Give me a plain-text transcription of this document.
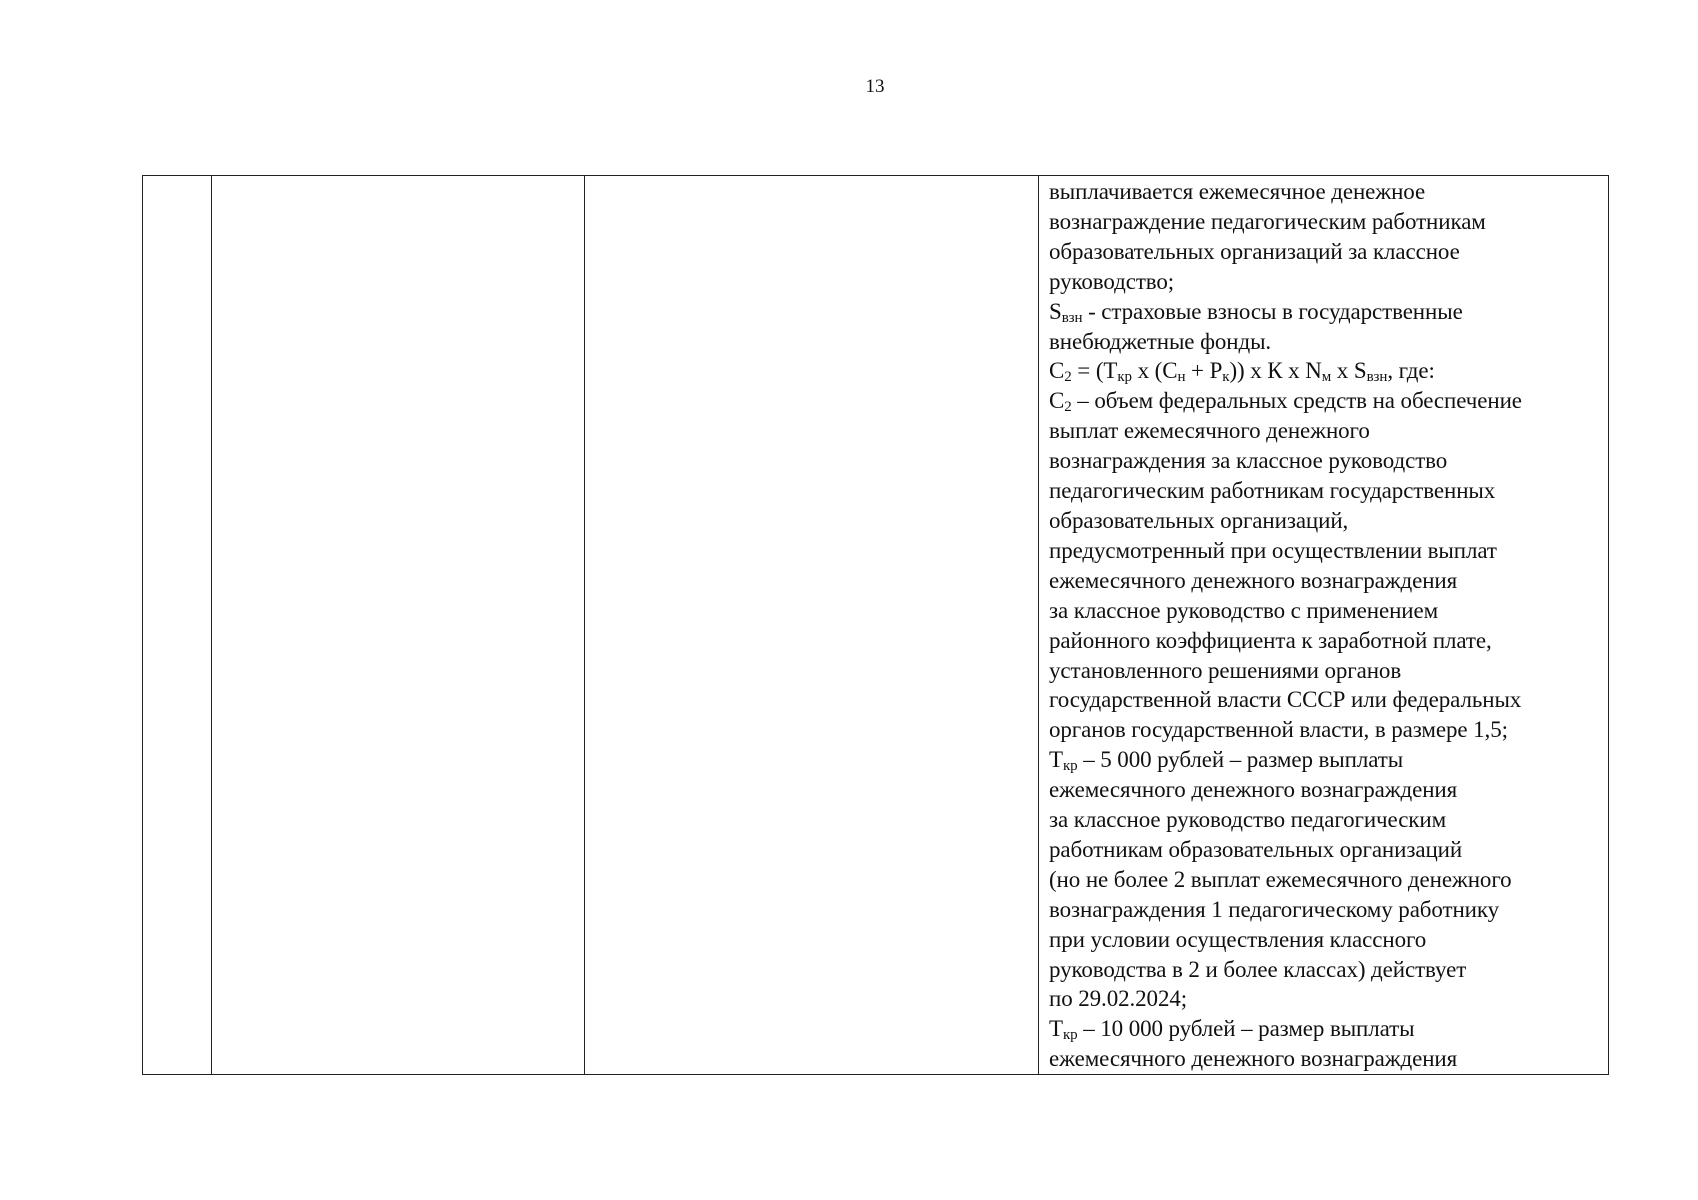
13

выплачивается ежемесячное денежное
вознаграждение педагогическим работникам
образовательных организаций за классное
руководство;
$S_{взн}$ - страховые взносы в государственные
внебюджетные фонды.
$C_2 = (Т_{кр}$ х $(С_н + Р_к)$) х К х $N_м$ х $S_{взн}$, где:
$C_2$ – объем федеральных средств на обеспечение
выплат ежемесячного денежного
вознаграждения за классное руководство
педагогическим работникам государственных
образовательных организаций,
предусмотренный при осуществлении выплат
ежемесячного денежного вознаграждения
за классное руководство с применением
районного коэффициента к заработной плате,
установленного решениями органов
государственной власти СССР или федеральных
органов государственной власти, в размере 1,5;
$Т_{кр} - 5$ 000 рублей – размер выплаты
ежемесячного денежного вознаграждения
за классное руководство педагогическим
работникам образовательных организаций
(но не более 2 выплат ежемесячного денежного
вознаграждения 1 педагогическому работнику
при условии осуществления классного
руководства в 2 и более классах) действует
по 29.02.2024;
$Т_{кр} - 10$ 000 рублей – размер выплаты
ежемесячного денежного вознаграждения
